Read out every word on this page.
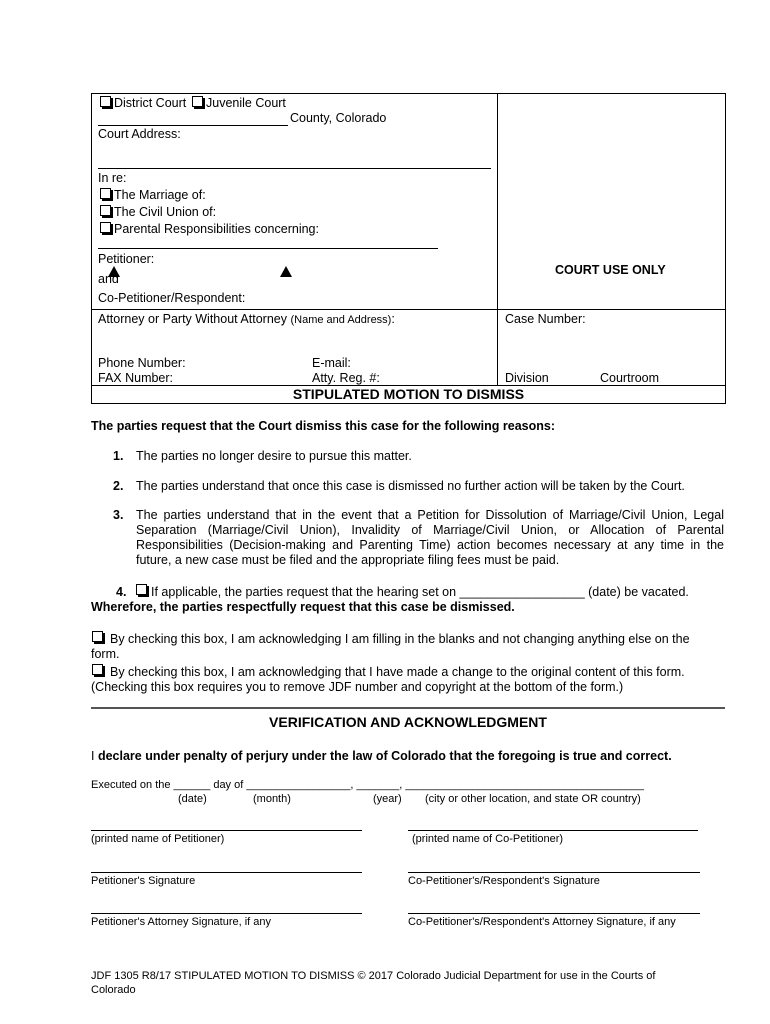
District Court Juvenile Court
County, Colorado
Court Address:
In re:
The Marriage of:
The Civil Union of:
Parental Responsibilities concerning:
Petitioner:
and
Co-Petitioner/Respondent:
COURT USE ONLY
Attorney or Party Without Attorney (Name and Address):	Case Number:
Phone Number:	E-mail:
FAX Number:	Atty. Reg. #:	Division	Courtroom
STIPULATED MOTION TO DISMISS
The parties request that the Court dismiss this case for the following reasons:
1. The parties no longer desire to pursue this matter.
2. The parties understand that once this case is dismissed no further action will be taken by the Court.
3. The parties understand that in the event that a Petition for Dissolution of Marriage/Civil Union, Legal Separation (Marriage/Civil Union), Invalidity of Marriage/Civil Union, or Allocation of Parental Responsibilities (Decision-making and Parenting Time) action becomes necessary at any time in the future, a new case must be filed and the appropriate filing fees must be paid.
4. If applicable, the parties request that the hearing set on __________________ (date) be vacated.
Wherefore, the parties respectfully request that this case be dismissed.
By checking this box, I am acknowledging I am filling in the blanks and not changing anything else on the
form.
By checking this box, I am acknowledging that I have made a change to the original content of this form.
(Checking this box requires you to remove JDF number and copyright at the bottom of the form.)
VERIFICATION AND ACKNOWLEDGMENT
I declare under penalty of perjury under the law of Colorado that the foregoing is true and correct.
Executed on the ______ day of _________________, _______, _______________________________________
(date)	(month)	(year) (city or other location, and state OR country)
(printed name of Petitioner)	(printed name of Co-Petitioner)
Petitioner's Signature	Co-Petitioner's/Respondent's Signature
Petitioner's Attorney Signature, if any	Co-Petitioner's/Respondent's Attorney Signature, if any
JDF 1305 R8/17 STIPULATED MOTION TO DISMISS © 2017 Colorado Judicial Department for use in the Courts of
Colorado
